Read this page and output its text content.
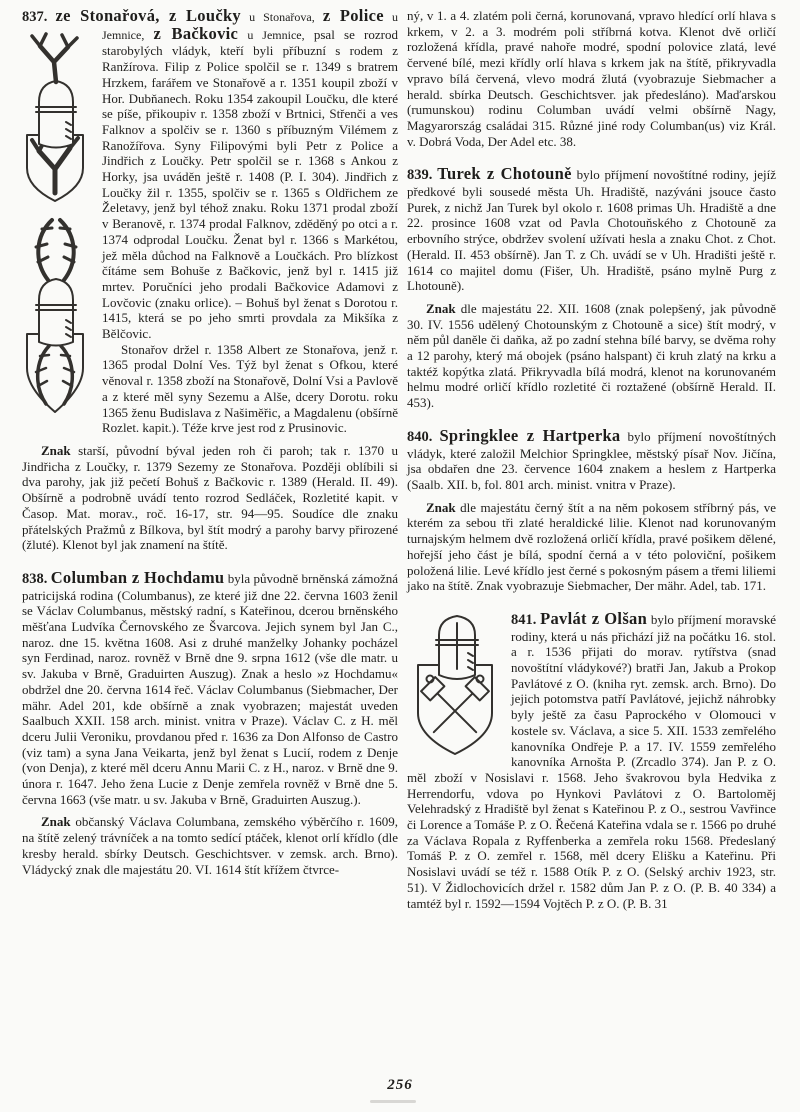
837. ze Stonařová, z Loučky u Stonařova, z Police u Jemnice, z Bačkovic u Jemnice, psal se rozrod starobylých vládyk, kteří byli příbuzní s rodem z Ranžírova. Filip z Police spolčil se r. 1349 s bratrem Hrzkem, farářem ve Stonařově a r. 1351 koupil zboží v Hor. Dubňanech. Roku 1354 zakoupil Loučku, dle které se píše, přikoupiv r. 1358 zboží v Brtnici, Střenči a ves Falknov a spolčiv se r. 1360 s příbuzným Vilémem z Ranožířova. Syny Filipovými byli Petr z Police a Jindřich z Loučky. Petr spolčil se r. 1368 s Ankou z Horky, jsa uváděn ještě r. 1408 (P. I. 304). Jindřich z Loučky žil r. 1355, spolčiv se r. 1365 s Oldřichem ze Želetavy, jenž byl téhož znaku. Roku 1371 prodal zboží v Beranově, r. 1374 prodal Falknov, zděděný po otci a r. 1374 odprodal Loučku. Ženat byl r. 1366 s Markétou, jež měla důchod na Falknově a Loučkách. Pro blízkost čítáme sem Bohuše z Bačkovic, jenž byl r. 1415 již mrtev. Poručníci jeho prodali Bačkovice Adamovi z Lovčovic (znaku orlice). – Bohuš byl ženat s Dorotou r. 1415, která se po jeho smrti provdala za Mikšíka z Bělčovic.

Stonařov držel r. 1358 Albert ze Stonařova, jenž r. 1365 prodal Dolní Ves. Týž byl ženat s Ofkou, které věnoval r. 1358 zboží na Stonařově, Dolní Vsi a Pavlově a z které měl syny Sezemu a Alše, dcery Dorotu. roku 1365 ženu Budislava z Našiměřic, a Magdalenu (obšírně Rozlet. kapit.). Téže krve jest rod z Prusinovic.

Znak starší, původní býval jeden roh či paroh; tak r. 1370 u Jindřicha z Loučky, r. 1379 Sezemy ze Stonařova. Později oblíbili si dva parohy, jak již pečetí Bohuš z Bačkovic r. 1389 (Herald. II. 49). Obšírně a podrobně uvádí tento rozrod Sedláček, Rozletité kapit. v Časop. Mat. morav., roč. 16-17, str. 94—95. Soudíce dle znaku přátelských Pražmů z Bílkova, byl štít modrý a parohy barvy přirozené (žluté). Klenot byl jak znamení na štítě.

838. Columban z Hochdamu byla původně brněnská zámožná patricijská rodina (Columbanus), ze které již dne 22. června 1603 ženil se Václav Columbanus, městský radní, s Kateřinou, dcerou brněnského měšťana Ludvíka Černovského ze Švarcova. Jejich synem byl Jan C., naroz. dne 15. května 1608. Asi z druhé manželky Johanky pocházel syn Ferdinad, naroz. rovněž v Brně dne 9. srpna 1612 (vše dle matr. u sv. Jakuba v Brně, Graduirten Auszug). Znak a heslo »z Hochdamu« obdržel dne 20. června 1614 řeč. Václav Columbanus (Siebmacher, Der mähr. Adel 201, kde obšírně a znak vyobrazen; majestát uveden Saalbuch XXII. 158 arch. minist. vnitra v Praze). Václav C. z H. měl dceru Julii Veroniku, provdanou před r. 1636 za Don Alfonso de Castro (viz tam) a syna Jana Veikarta, jenž byl ženat s Lucií, rodem z Denje (von Denja), z které měl dceru Annu Marii C. z H., naroz. v Brně dne 9. února r. 1647. Jeho žena Lucie z Denje zemřela rovněž v Brně dne 5. června 1663 (vše matr. u sv. Jakuba v Brně, Graduirten Auszug.).

Znak občanský Václava Columbana, zemského výběrčího r. 1609, na štítě zelený trávníček a na tomto sedící ptáček, klenot orlí křídlo (dle kresby herald. sbírky Deutsch. Geschichtsver. v zemsk. arch. Brno). Vládycký znak dle majestátu 20. VI. 1614 štít křížem čtvrce-

ný, v 1. a 4. zlatém poli černá, korunovaná, vpravo hledící orlí hlava s krkem, v 2. a 3. modrém poli stříbrná kotva. Klenot dvě orličí rozložená křídla, pravé nahoře modré, spodní polovice zlatá, levé červené bílé, mezi křídly orlí hlava s krkem jak na štítě, přikryvadla vpravo bílá červená, vlevo modrá žlutá (vyobrazuje Siebmacher a herald. sbírka Deutsch. Geschichtsver. jak předesláno). Maďarskou (rumunskou) rodinu Columban uvádí velmi obšírně Nagy, Magyarország családai 315. Různé jiné rody Columban(us) viz Král. v. Dobrá Voda, Der Adel etc. 38.

839. Turek z Chotouně bylo příjmení novoštítné rodiny, jejíž předkové byli sousedé města Uh. Hradiště, nazýváni jsouce často Purek, z nichž Jan Turek byl okolo r. 1608 primas Uh. Hradiště a dne 22. prosince 1608 vzat od Pavla Chotouňského z Chotouně za erbovního strýce, obdržev svolení užívati hesla a znaku Chot. z Chot. (Herald. II. 453 obšírně). Jan T. z Ch. uvádí se v Uh. Hradišti ještě r. 1614 co majitel domu (Fišer, Uh. Hradiště, psáno mylně Purg z Lhotouně).

Znak dle majestátu 22. XII. 1608 (znak polepšený, jak původně 30. IV. 1556 udělený Chotounským z Chotouně a sice) štít modrý, v něm půl daněle či daňka, až po zadní stehna bílé barvy, se dvěma rohy a 12 parohy, který má obojek (psáno halspant) či kruh zlatý na krku a taktéž kopýtka zlatá. Přikryvadla bílá modrá, klenot na korunovaném helmu modré orličí křídlo rozletité či roztažené (obšírně Herald. II. 453).

840. Springklee z Hartperka bylo příjmení novoštítných vládyk, které založil Melchior Springklee, městský písař Nov. Jičína, jsa obdařen dne 23. července 1604 znakem a heslem z Hartperka (Saalb. XII. b, fol. 801 arch. minist. vnitra v Praze).

Znak dle majestátu černý štít a na něm pokosem stříbrný pás, ve kterém za sebou tři zlaté heraldické lilie. Klenot nad korunovaným turnajským helmem dvě rozložená orličí křídla, pravé pošikem dělené, hořejší jeho část je bílá, spodní černá a v této poloviční, pošikem položená lilie. Levé křídlo jest černé s pokosným pásem a třemi liliemi jako na štítě. Znak vyobrazuje Siebmacher, Der mähr. Adel, tab. 171.

841. Pavlát z Olšan bylo příjmení moravské rodiny, která u nás přichází již na počátku 16. stol. a r. 1536 přijati do morav. rytířstva (snad novoštítní vládykové?) bratři Jan, Jakub a Prokop Pavlátové z O. (kniha ryt. zemsk. arch. Brno). Do jejich potomstva patří Pavlátové, jejichž náhrobky byly ještě za času Paprockého v Olomouci v kostele sv. Václava, a sice 5. XII. 1533 zemřelého kanovníka Ondřeje P. a 17. IV. 1559 zemřelého kanovníka Arnošta P. (Zrcadlo 374). Jan P. z O. měl zboží v Nosislavi r. 1568. Jeho švakrovou byla Hedvika z Herrendorfu, vdova po Hynkovi Pavlátovi z O. Bartoloměj Velehradský z Hradiště byl ženat s Kateřinou P. z O., sestrou Vavřince či Lorence a Tomáše P. z O. Řečená Kateřina vdala se r. 1566 po druhé za Václava Ropala z Ryffenberka a zemřela roku 1568. Předeslaný Tomáš P. z O. zemřel r. 1568, měl dcery Elišku a Kateřinu. Při Nosislavi uvádí se též r. 1588 Otík P. z O. (Selský archiv 1923, str. 51). V Židlochovicích držel r. 1582 dům Jan P. z O. (P. B. 40 334) a tamtéž byl r. 1592—1594 Vojtěch P. z O. (P. B. 31

256
